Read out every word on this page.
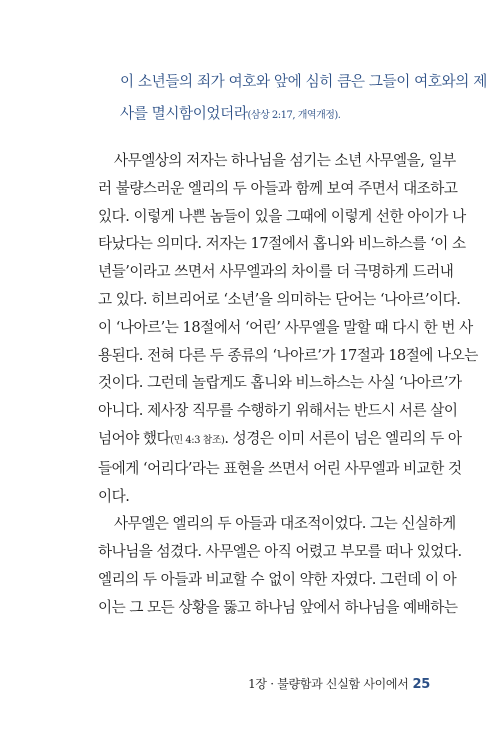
이 소년들의 죄가 여호와 앞에 심히 큼은 그들이 여호와의 제
사를 멸시함이었더라(삼상 2:17, 개역개정).
사무엘상의 저자는 하나님을 섬기는 소년 사무엘을, 일부
러 불량스러운 엘리의 두 아들과 함께 보여 주면서 대조하고
있다. 이렇게 나쁜 놈들이 있을 그때에 이렇게 선한 아이가 나
타났다는 의미다. 저자는 17절에서 홉니와 비느하스를 ‘이 소
년들’이라고 쓰면서 사무엘과의 차이를 더 극명하게 드러내
고 있다. 히브리어로 ‘소년’을 의미하는 단어는 ‘나아르’이다.
이 ‘나아르’는 18절에서 ‘어린’ 사무엘을 말할 때 다시 한 번 사
용된다. 전혀 다른 두 종류의 ‘나아르’가 17절과 18절에 나오는
것이다. 그런데 놀랍게도 홉니와 비느하스는 사실 ‘나아르’가
아니다. 제사장 직무를 수행하기 위해서는 반드시 서른 살이
넘어야 했다(민 4:3 참조). 성경은 이미 서른이 넘은 엘리의 두 아
들에게 ‘어리다’라는 표현을 쓰면서 어린 사무엘과 비교한 것
이다.
사무엘은 엘리의 두 아들과 대조적이었다. 그는 신실하게
하나님을 섬겼다. 사무엘은 아직 어렸고 부모를 떠나 있었다.
엘리의 두 아들과 비교할 수 없이 약한 자였다. 그런데 이 아
이는 그 모든 상황을 뚫고 하나님 앞에서 하나님을 예배하는
1장 · 불량함과 신실함 사이에서 25
